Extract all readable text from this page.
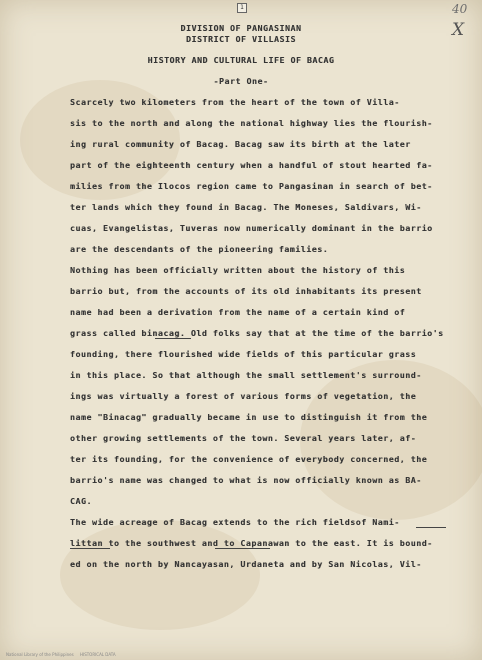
1	40
X
DIVISION OF PANGASINAN
DISTRICT OF VILLASIS
HISTORY AND CULTURAL LIFE OF BACAG
-Part One-
Scarcely two kilometers from the heart of the town of Villa-
sis to the north and along the national highway lies the flourish-
ing rural community of Bacag. Bacag saw its birth at the later
part of the eighteenth century when a handful of stout hearted fa-
milies from the Ilocos region came to Pangasinan in search of bet-
ter lands which they found in Bacag. The Moneses, Saldivars, Wi-
cuas, Evangelistas, Tuveras now numerically dominant in the barrio
are the descendants of the pioneering families.
Nothing has been officially written about the history of this
barrio but, from the accounts of its old inhabitants its present
name had been a derivation from the name of a certain kind of
grass called binacag. Old folks say that at the time of the barrio's
founding, there flourished wide fields of this particular grass
in this place. So that although the small settlement's surround-
ings was virtually a forest of various forms of vegetation, the
name "Binacag" gradually became in use to distinguish it from the
other growing settlements of the town. Several years later, af-
ter its founding, for the convenience of everybody concerned, the
barrio's name was changed to what is now officially known as BA-
CAG.
The wide acreage of Bacag extends to the rich fieldsof Nami-
littan to the southwest and to Capanawan to the east. It is bound-
ed on the north by Nancayasan, Urdaneta and by San Nicolas, Vil-
National Library of the Philippines HISTORICAL DATA
